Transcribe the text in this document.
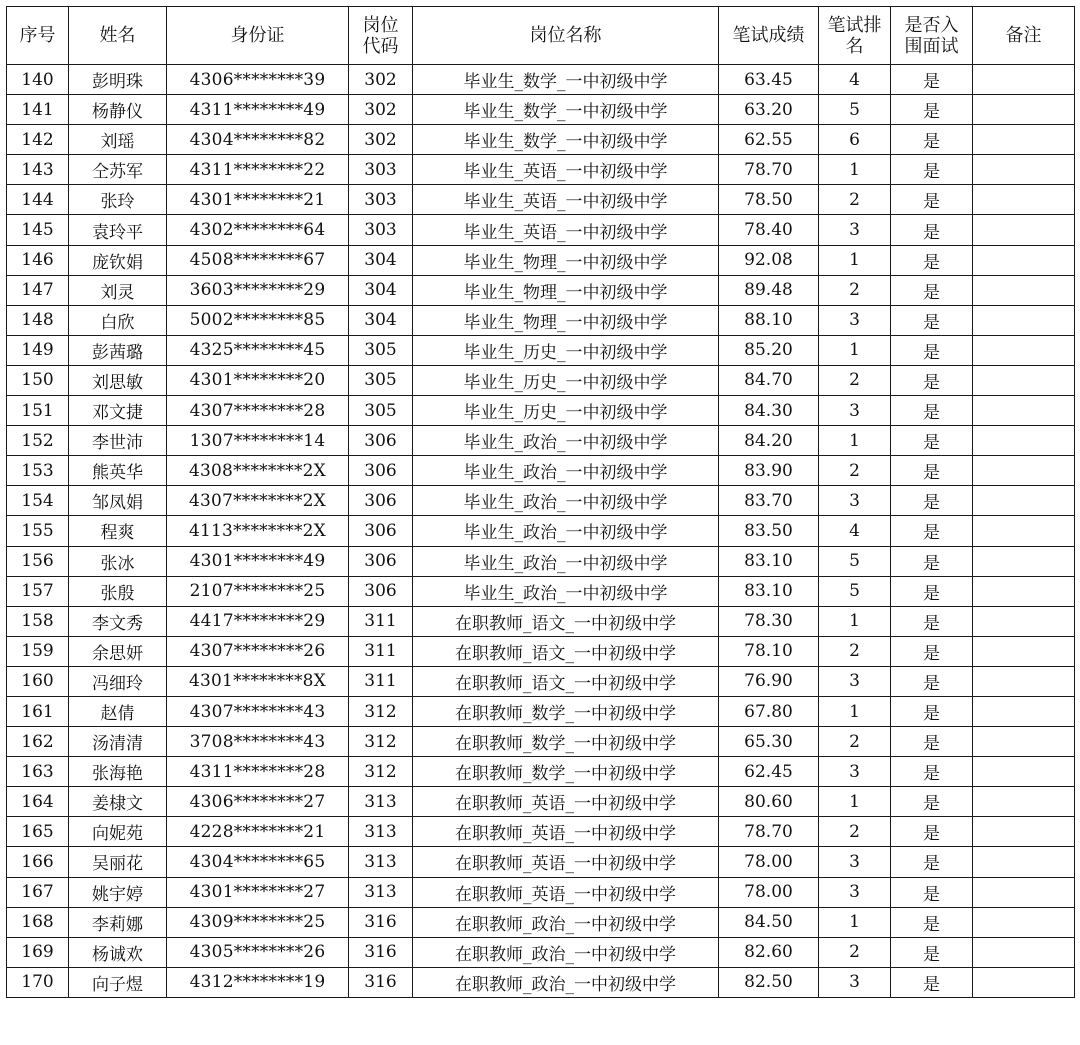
序号	姓名	身份证	岗位代码	岗位名称	笔试成绩	笔试排名	是否入围面试	备注
140	彭明珠	4306********39	302	毕业生_数学_一中初级中学	63.45	4	是	
141	杨静仪	4311********49	302	毕业生_数学_一中初级中学	63.20	5	是	
142	刘瑶	4304********82	302	毕业生_数学_一中初级中学	62.55	6	是	
143	仝苏军	4311********22	303	毕业生_英语_一中初级中学	78.70	1	是	
144	张玲	4301********21	303	毕业生_英语_一中初级中学	78.50	2	是	
145	袁玲平	4302********64	303	毕业生_英语_一中初级中学	78.40	3	是	
146	庞钦娟	4508********67	304	毕业生_物理_一中初级中学	92.08	1	是	
147	刘灵	3603********29	304	毕业生_物理_一中初级中学	89.48	2	是	
148	白欣	5002********85	304	毕业生_物理_一中初级中学	88.10	3	是	
149	彭茜璐	4325********45	305	毕业生_历史_一中初级中学	85.20	1	是	
150	刘思敏	4301********20	305	毕业生_历史_一中初级中学	84.70	2	是	
151	邓文捷	4307********28	305	毕业生_历史_一中初级中学	84.30	3	是	
152	李世沛	1307********14	306	毕业生_政治_一中初级中学	84.20	1	是	
153	熊英华	4308********2X	306	毕业生_政治_一中初级中学	83.90	2	是	
154	邹凤娟	4307********2X	306	毕业生_政治_一中初级中学	83.70	3	是	
155	程爽	4113********2X	306	毕业生_政治_一中初级中学	83.50	4	是	
156	张冰	4301********49	306	毕业生_政治_一中初级中学	83.10	5	是	
157	张殷	2107********25	306	毕业生_政治_一中初级中学	83.10	5	是	
158	李文秀	4417********29	311	在职教师_语文_一中初级中学	78.30	1	是	
159	余思妍	4307********26	311	在职教师_语文_一中初级中学	78.10	2	是	
160	冯细玲	4301********8X	311	在职教师_语文_一中初级中学	76.90	3	是	
161	赵倩	4307********43	312	在职教师_数学_一中初级中学	67.80	1	是	
162	汤清清	3708********43	312	在职教师_数学_一中初级中学	65.30	2	是	
163	张海艳	4311********28	312	在职教师_数学_一中初级中学	62.45	3	是	
164	姜棣文	4306********27	313	在职教师_英语_一中初级中学	80.60	1	是	
165	向妮苑	4228********21	313	在职教师_英语_一中初级中学	78.70	2	是	
166	吴丽花	4304********65	313	在职教师_英语_一中初级中学	78.00	3	是	
167	姚宇婷	4301********27	313	在职教师_英语_一中初级中学	78.00	3	是	
168	李莉娜	4309********25	316	在职教师_政治_一中初级中学	84.50	1	是	
169	杨诚欢	4305********26	316	在职教师_政治_一中初级中学	82.60	2	是	
170	向子煜	4312********19	316	在职教师_政治_一中初级中学	82.50	3	是	
